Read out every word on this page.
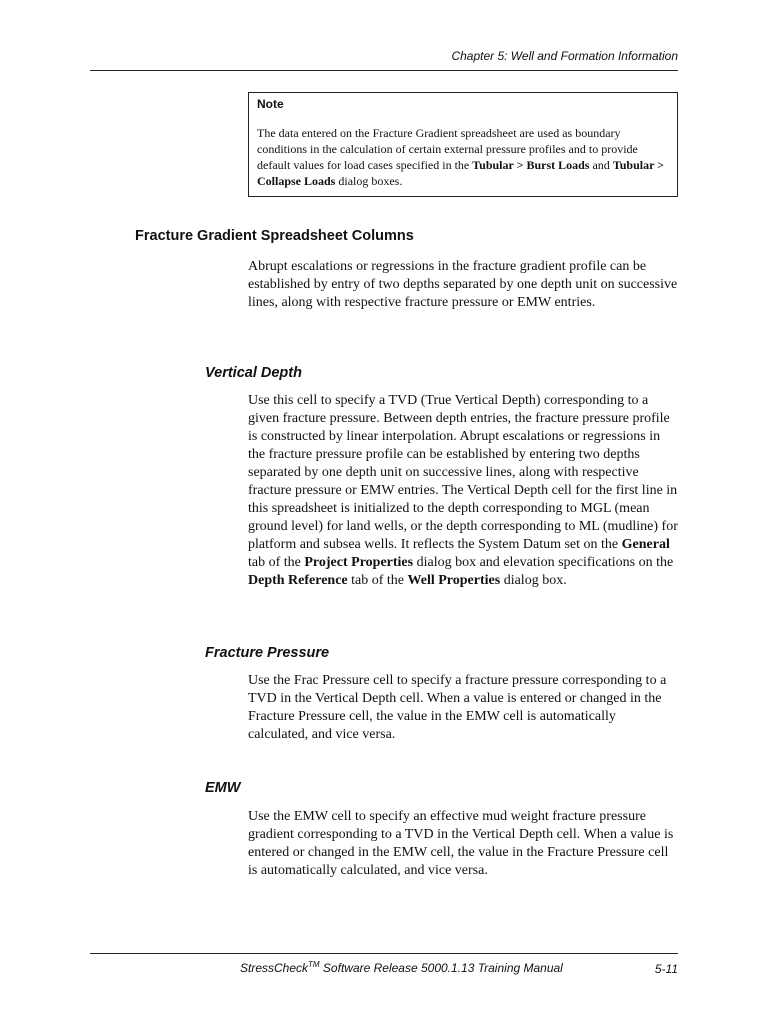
Chapter 5: Well and Formation Information

Note

The data entered on the Fracture Gradient spreadsheet are used as boundary conditions in the calculation of certain external pressure profiles and to provide default values for load cases specified in the Tubular > Burst Loads and Tubular > Collapse Loads dialog boxes.

Fracture Gradient Spreadsheet Columns

Abrupt escalations or regressions in the fracture gradient profile can be established by entry of two depths separated by one depth unit on successive lines, along with respective fracture pressure or EMW entries.

Vertical Depth

Use this cell to specify a TVD (True Vertical Depth) corresponding to a given fracture pressure. Between depth entries, the fracture pressure profile is constructed by linear interpolation. Abrupt escalations or regressions in the fracture pressure profile can be established by entering two depths separated by one depth unit on successive lines, along with respective fracture pressure or EMW entries. The Vertical Depth cell for the first line in this spreadsheet is initialized to the depth corresponding to MGL (mean ground level) for land wells, or the depth corresponding to ML (mudline) for platform and subsea wells. It reflects the System Datum set on the General tab of the Project Properties dialog box and elevation specifications on the Depth Reference tab of the Well Properties dialog box.

Fracture Pressure

Use the Frac Pressure cell to specify a fracture pressure corresponding to a TVD in the Vertical Depth cell. When a value is entered or changed in the Fracture Pressure cell, the value in the EMW cell is automatically calculated, and vice versa.

EMW

Use the EMW cell to specify an effective mud weight fracture pressure gradient corresponding to a TVD in the Vertical Depth cell. When a value is entered or changed in the EMW cell, the value in the Fracture Pressure cell is automatically calculated, and vice versa.

StressCheck™ Software Release 5000.1.13 Training Manual	5-11
